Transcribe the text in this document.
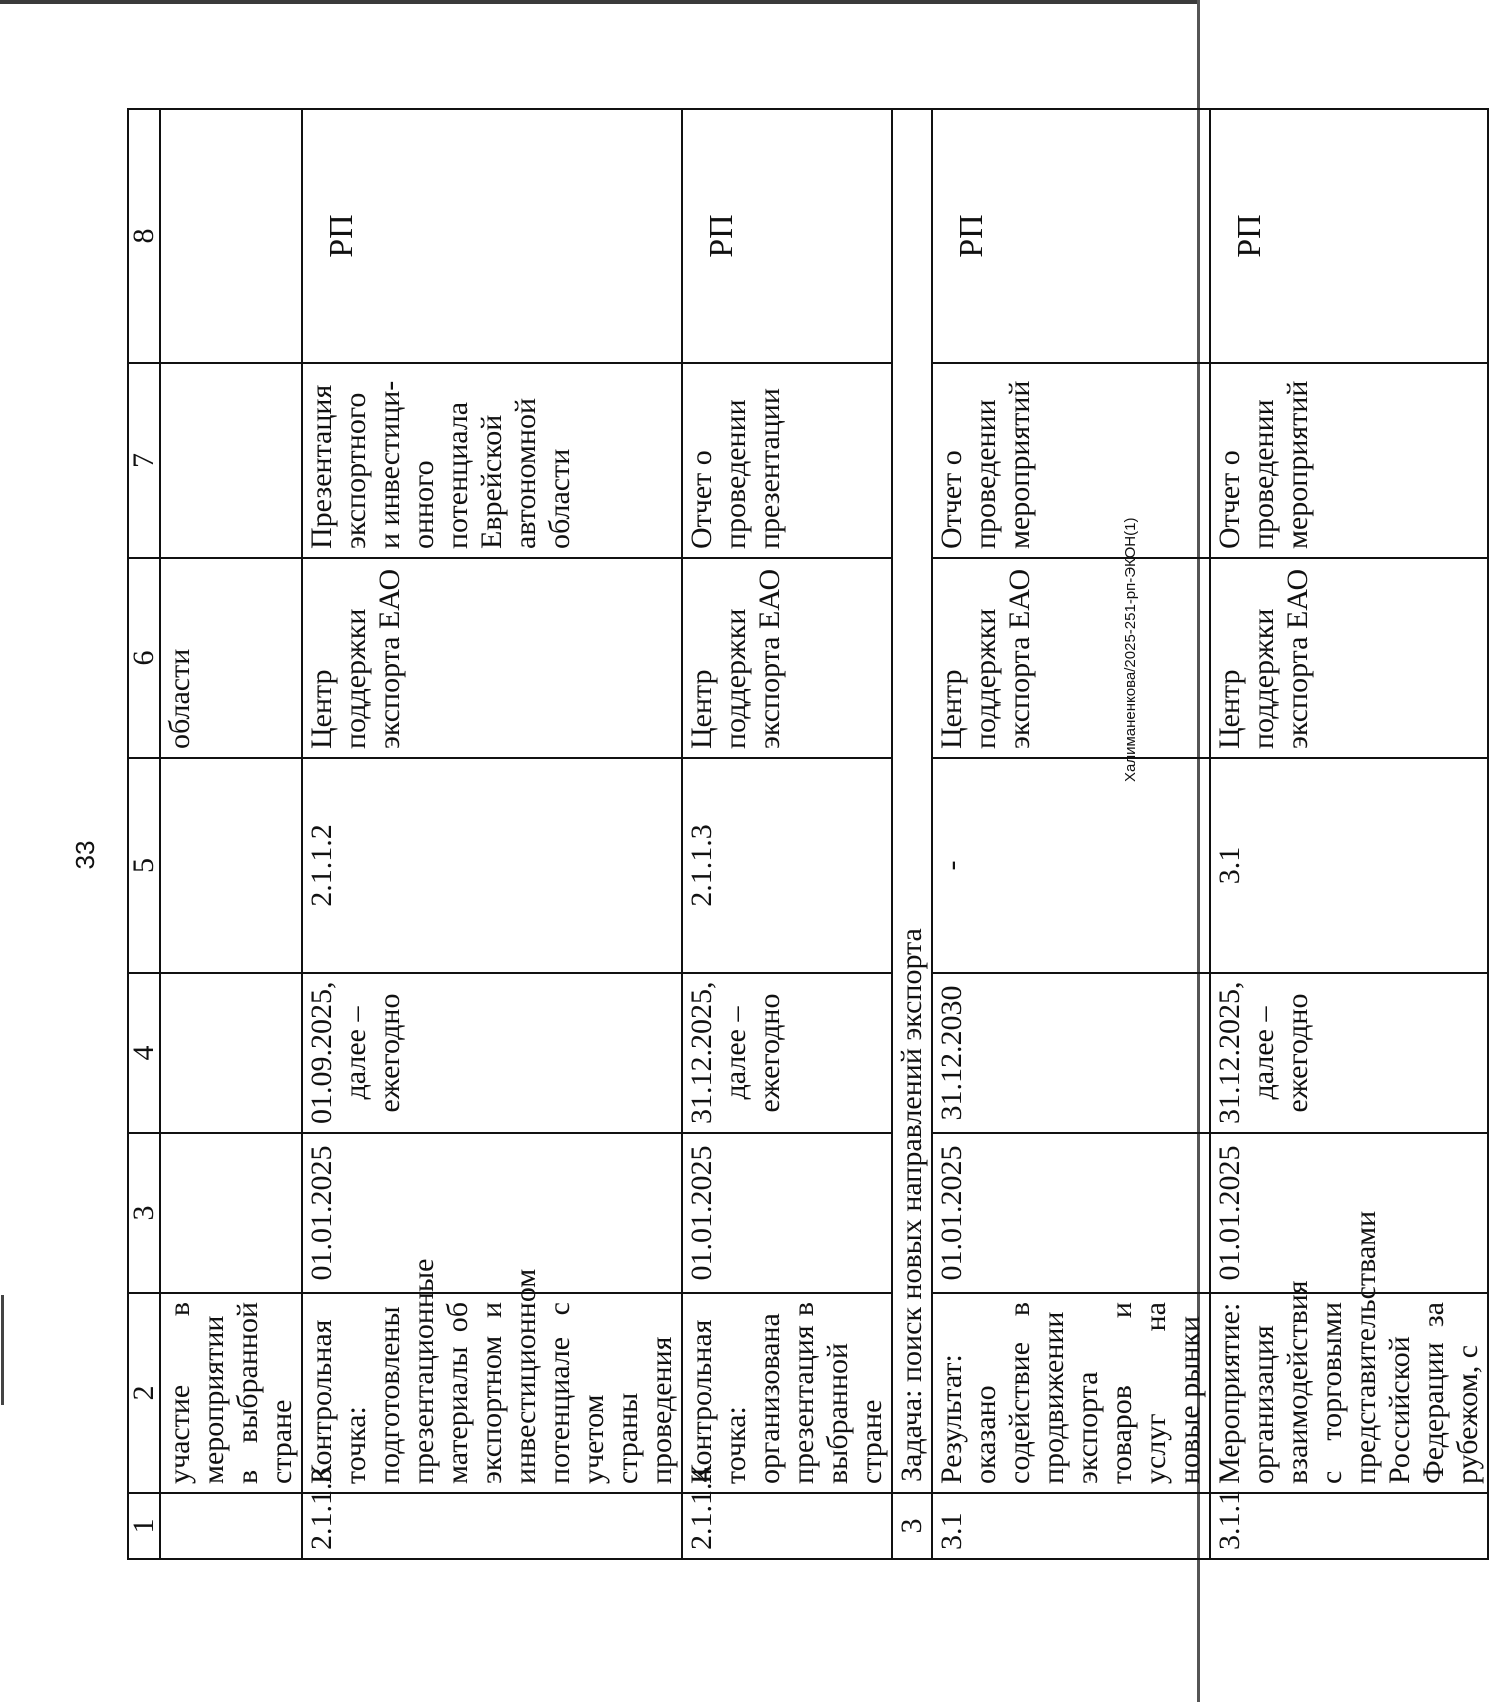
33
Халиманенкова/2025-251-рп-ЭКОН(1)
1	2	3	4	5	6	7	8
	участие в мероприятии в выбранной стране				области		
2.1.1.3	Контрольная точка: подготовлены презентационные материалы об экспортном и инвестиционном потенциале с учетом страны проведения	01.01.2025	01.09.2025, далее – ежегодно	2.1.1.2	Центр поддержки экспорта ЕАО	Презентация экспортного и инвестици-онного потенциала Еврейской автономной области	РП
2.1.1.4	Контрольная точка: организована презентация в выбранной стране	01.01.2025	31.12.2025, далее – ежегодно	2.1.1.3	Центр поддержки экспорта ЕАО	Отчет о проведении презентации	РП
3	Задача: поиск новых направлений экспорта						
3.1	Результат: оказано содействие в продвижении экспорта товаров и услуг на новые рынки	01.01.2025	31.12.2030	-	Центр поддержки экспорта ЕАО	Отчет о проведении мероприятий	РП
3.1.1	Мероприятие: организация взаимодействия с торговыми представительствами Российской Федерации за рубежом, с	01.01.2025	31.12.2025, далее – ежегодно	3.1	Центр поддержки экспорта ЕАО	Отчет о проведении мероприятий	РП
